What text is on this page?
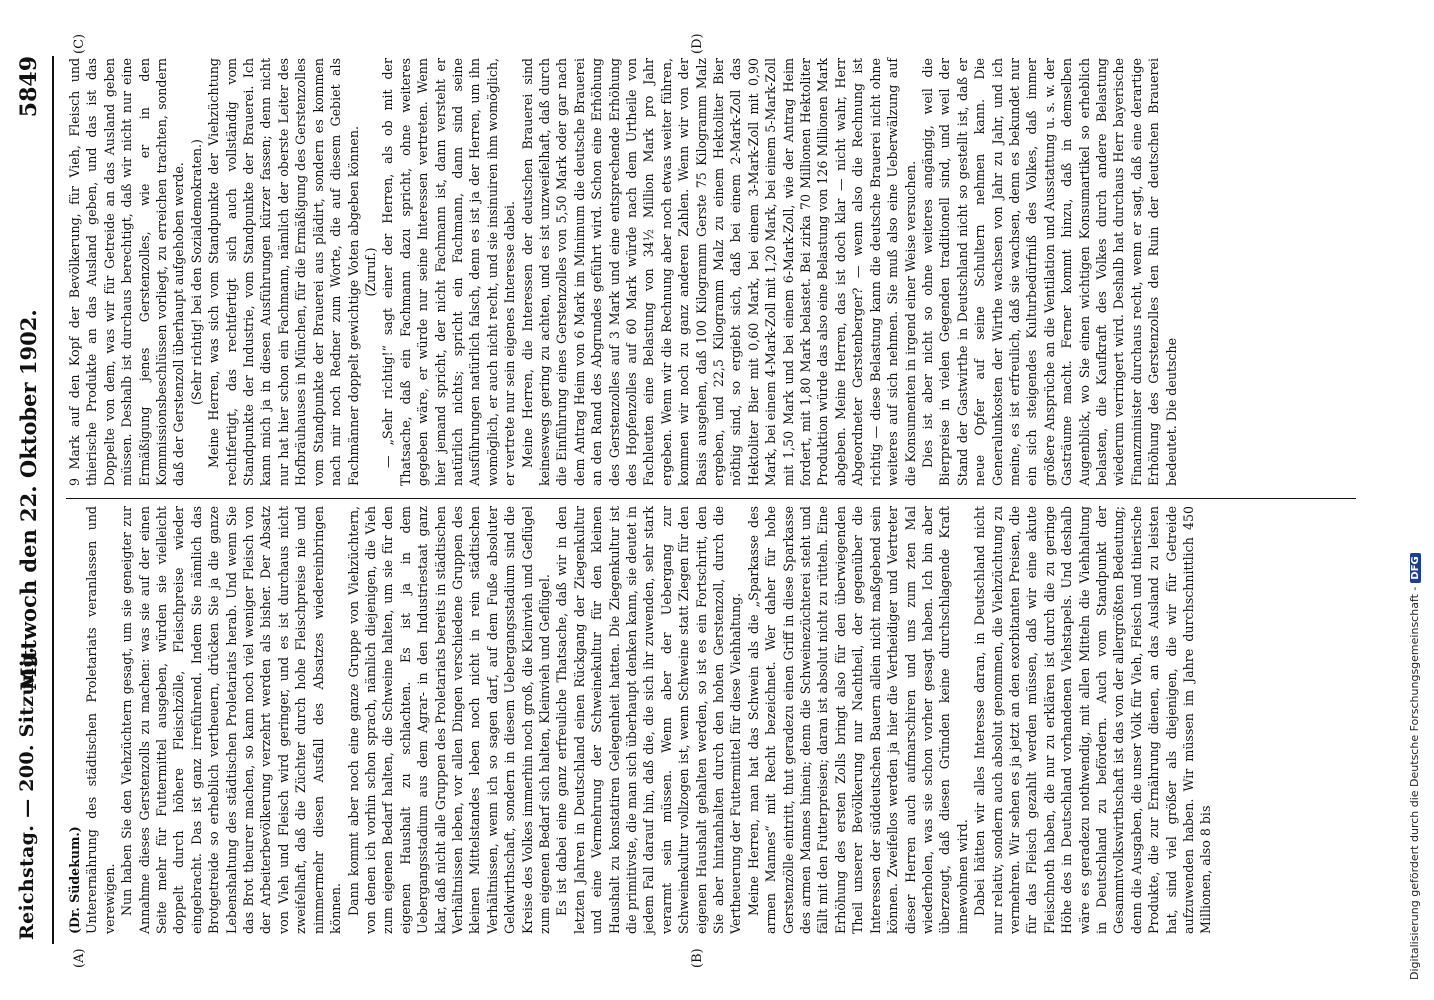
Reichstag. — 200. Sitzung.
Mittwoch den 22. Oktober 1902.
5849
(A)	(B)
(C)	(D)

(Dr. Südekum.) Unterernährung des städtischen Proletariats veranlassen und verewigen. Nun haben Sie den Viehzüchtern gesagt, um sie geneigter zur Annahme dieses Gerstenzolls zu machen: was sie auf der einen Seite mehr für Futtermittel ausgeben, würden sie vielleicht doppelt durch höhere Fleischzölle, Fleischpreise wieder eingebracht. Das ist ganz irreführend. Indem Sie nämlich das Brotgetreide so erheblich vertheuern, drücken Sie ja die ganze Lebenshaltung des städtischen Proletariats herab. Und wenn Sie das Brot theurer machen, so kann noch viel weniger Fleisch von der Arbeiterbevölkerung verzehrt werden als bisher. Der Absatz von Vieh und Fleisch wird geringer, und es ist durchaus nicht zweifelhaft, daß die Züchter durch hohe Fleischpreise nie und nimmermehr diesen Ausfall des Absatzes wiedereinbringen können. Dann kommt aber noch eine ganze Gruppe von Viehzüchtern, von denen ich vorhin schon sprach, nämlich diejenigen, die Vieh zum eigenen Bedarf halten, die Schweine halten, um sie für den eigenen Haushalt zu schlachten. Es ist ja in dem Uebergangsstadium aus dem Agrar- in den Industriestaat ganz klar, daß nicht alle Gruppen des Proletariats bereits in städtischen Verhältnissen leben, vor allen Dingen verschiedene Gruppen des kleinen Mittelstandes leben noch nicht in rein städtischen Verhältnissen, wenn ich so sagen darf, auf dem Fuße absoluter Geldwirthschaft, sondern in diesem Uebergangsstadium sind die Kreise des Volkes immerhin noch groß, die Kleinvieh und Geflügel zum eigenen Bedarf sich halten, Kleinvieh und Geflügel. Es ist dabei eine ganz erfreuliche Thatsache, daß wir in den letzten Jahren in Deutschland einen Rückgang der Ziegenkultur und eine Vermehrung der Schweinekultur für den kleinen Haushalt zu konstatiren Gelegenheit hatten. Die Ziegenkultur ist die primitivste, die man sich überhaupt denken kann, sie deutet in jedem Fall darauf hin, daß die, die sich ihr zuwenden, sehr stark verarmt sein müssen. Wenn aber der Uebergang zur Schweinekultur vollzogen ist, wenn Schweine statt Ziegen für den eigenen Haushalt gehalten werden, so ist es ein Fortschritt, den Sie aber hintanhalten durch den hohen Gerstenzoll, durch die Vertheuerung der Futtermittel für diese Viehhaltung. Meine Herren, man hat das Schwein als die „Sparkasse des armen Mannes“ mit Recht bezeichnet. Wer daher für hohe Gerstenzölle eintritt, thut geradezu einen Griff in diese Sparkasse des armen Mannes hinein; denn die Schweinezüchterei steht und fällt mit den Futterpreisen; daran ist absolut nicht zu rütteln. Eine Erhöhung des ersten Zolls bringt also für den überwiegenden Theil unserer Bevölkerung nur Nachtheil, der gegenüber die Interessen der süddeutschen Bauern allein nicht maßgebend sein können. Zweifellos werden ja hier die Vertheidiger und Vertreter dieser Herren auch aufmarschiren und uns zum zten Mal wiederholen, was sie schon vorher gesagt haben. Ich bin aber überzeugt, daß diesen Gründen keine durchschlagende Kraft innewohnen wird. Dabei hätten wir alles Interesse daran, in Deutschland nicht nur relativ, sondern auch absolut genommen, die Viehzüchtung zu vermehren. Wir sehen es ja jetzt an den exorbitanten Preisen, die für das Fleisch gezahlt werden müssen, daß wir eine akute Fleischnoth haben, die nur zu erklären ist durch die zu geringe Höhe des in Deutschland vorhandenen Viehstapels. Und deshalb wäre es geradezu nothwendig, mit allen Mitteln die Viehhaltung in Deutschland zu befördern. Auch vom Standpunkt der Gesammtvolkswirthschaft ist das von der allergrößten Bedeutung; denn die Ausgaben, die unser Volk für Vieh, Fleisch und thierische Produkte, die zur Ernährung dienen, an das Ausland zu leisten hat, sind viel größer als diejenigen, die wir für Getreide aufzuwenden haben. Wir müssen im Jahre durchschnittlich 450 Millionen, also 8 bis

9 Mark auf den Kopf der Bevölkerung, für Vieh, Fleisch und thierische Produkte an das Ausland geben, und das ist das Doppelte von dem, was wir für Getreide an das Ausland geben müssen. Deshalb ist durchaus berechtigt, daß wir nicht nur eine Ermäßigung jenes Gerstenzolles, wie er in den Kommissionsbeschlüssen vorliegt, zu erreichen trachten, sondern daß der Gerstenzoll überhaupt aufgehoben werde. (Sehr richtig! bei den Sozialdemokraten.) Meine Herren, was sich vom Standpunkte der Viehzüchtung rechtfertigt, das rechtfertigt sich auch vollständig vom Standpunkte der Industrie, vom Standpunkte der Brauerei. Ich kann mich ja in diesen Ausführungen kürzer fassen; denn nicht nur hat hier schon ein Fachmann, nämlich der oberste Leiter des Hofbräuhauses in München, für die Ermäßigung des Gerstenzolles vom Standpunkte der Brauerei aus plädirt, sondern es kommen nach mir noch Redner zum Worte, die auf diesem Gebiet als Fachmänner doppelt gewichtige Voten abgeben können. (Zuruf.) — „Sehr richtig!“ sagt einer der Herren, als ob mit der Thatsache, daß ein Fachmann dazu spricht, ohne weiteres gegeben wäre, er würde nur seine Interessen vertreten. Wenn hier jemand spricht, der nicht Fachmann ist, dann versteht er natürlich nichts; spricht ein Fachmann, dann sind seine Ausführungen natürlich falsch, denn es ist ja der Herren, um ihn womöglich, er auch nicht recht, und sie insinuiren ihm womöglich, er vertrete nur sein eigenes Interesse dabei. Meine Herren, die Interessen der deutschen Brauerei sind keineswegs gering zu achten, und es ist unzweifelhaft, daß durch die Einführung eines Gerstenzolles von 5,50 Mark oder gar nach dem Antrag Heim von 6 Mark im Minimum die deutsche Brauerei an den Rand des Abgrundes geführt wird. Schon eine Erhöhung des Gerstenzolles auf 3 Mark und eine entsprechende Erhöhung des Hopfenzolles auf 60 Mark würde nach dem Urtheile von Fachleuten eine Belastung von 34½ Million Mark pro Jahr ergeben. Wenn wir die Rechnung aber noch etwas weiter führen, kommen wir noch zu ganz anderen Zahlen. Wenn wir von der Basis ausgehen, daß 100 Kilogramm Gerste 75 Kilogramm Malz ergeben, und 22,5 Kilogramm Malz zu einem Hektoliter Bier nöthig sind, so ergiebt sich, daß bei einem 2-Mark-Zoll das Hektoliter Bier mit 0,60 Mark, bei einem 3-Mark-Zoll mit 0,90 Mark, bei einem 4-Mark-Zoll mit 1,20 Mark, bei einem 5-Mark-Zoll mit 1,50 Mark und bei einem 6-Mark-Zoll, wie der Antrag Heim fordert, mit 1,80 Mark belastet. Bei zirka 70 Millionen Hektoliter Produktion würde das also eine Belastung von 126 Millionen Mark abgeben. Meine Herren, das ist doch klar — nicht wahr, Herr Abgeordneter Gerstenberger? — wenn also die Rechnung ist richtig — diese Belastung kann die deutsche Brauerei nicht ohne weiteres auf sich nehmen. Sie muß also eine Ueberwälzung auf die Konsumenten in irgend einer Weise versuchen. Dies ist aber nicht so ohne weiteres angängig, weil die Bierpreise in vielen Gegenden traditionell sind, und weil der Stand der Gastwirthe in Deutschland nicht so gestellt ist, daß er neue Opfer auf seine Schultern nehmen kann. Die Generalunkosten der Wirthe wachsen von Jahr zu Jahr, und ich meine, es ist erfreulich, daß sie wachsen, denn es bekundet nur ein sich steigendes Kulturbedürfniß des Volkes, daß immer größere Ansprüche an die Ventilation und Ausstattung u. s. w. der Gasträume macht. Ferner kommt hinzu, daß in demselben Augenblick, wo Sie einen wichtigen Konsumartikel so erheblich belasten, die Kaufkraft des Volkes durch andere Belastung wiederum verringert wird. Deshalb hat durchaus Herr bayerische Finanzminister durchaus recht, wenn er sagt, daß eine derartige Erhöhung des Gerstenzolles den Ruin der deutschen Brauerei bedeutet. Die deutsche

Digitalisierung gefördert durch die Deutsche Forschungsgemeinschaft -DFG
